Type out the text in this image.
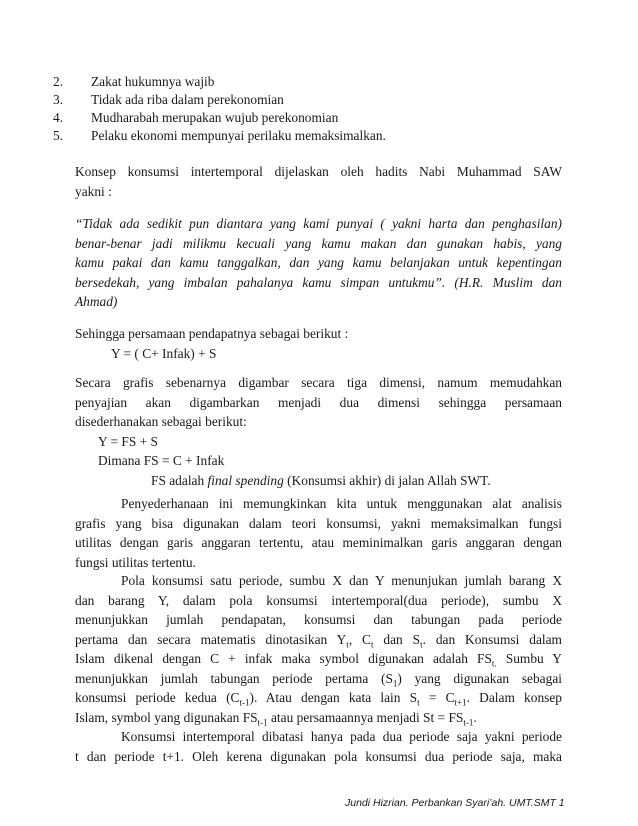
2.	Zakat hukumnya wajib
3.	Tidak ada riba dalam perekonomian
4.	Mudharabah merupakan wujub perekonomian
5.	Pelaku ekonomi mempunyai perilaku memaksimalkan.
Konsep konsumsi intertemporal dijelaskan oleh hadits Nabi Muhammad SAW
yakni :
“Tidak ada sedikit pun diantara yang kami punyai ( yakni harta dan penghasilan)
benar-benar jadi milikmu kecuali yang kamu makan dan gunakan habis, yang
kamu pakai dan kamu tanggalkan, dan yang kamu belanjakan untuk kepentingan
bersedekah, yang imbalan pahalanya kamu simpan untukmu”. (H.R. Muslim dan
Ahmad)
Sehingga persamaan pendapatnya sebagai berikut :
Y = ( C+ Infak) + S
Secara grafis sebenarnya digambar secara tiga dimensi, namum memudahkan
penyajian akan digambarkan menjadi dua dimensi sehingga persamaan
disederhanakan sebagai berikut:
Y = FS + S
Dimana FS = C + Infak
FS adalah final spending (Konsumsi akhir) di jalan Allah SWT.
Penyederhanaan ini memungkinkan kita untuk menggunakan alat analisis
grafis yang bisa digunakan dalam teori konsumsi, yakni memaksimalkan fungsi
utilitas dengan garis anggaran tertentu, atau meminimalkan garis anggaran dengan
fungsi utilitas tertentu.
Pola konsumsi satu periode, sumbu X dan Y menunjukan jumlah barang X
dan barang Y, dalam pola konsumsi intertemporal(dua periode), sumbu X
menunjukkan jumlah pendapatan, konsumsi dan tabungan pada periode
pertama dan secara matematis dinotasikan $Y_t$, $C_t$ dan $S_t$. dan Konsumsi dalam
Islam dikenal dengan C + infak maka symbol digunakan adalah $FS_{t.}$ Sumbu Y
menunjukkan jumlah tabungan periode pertama $(S_1)$ yang digunakan sebagai
konsumsi periode kedua $(C_{t-1})$. Atau dengan kata lain $S_t = C_{t+1}$. Dalam konsep
Islam, symbol yang digunakan $FS_{t-1}$ atau persamaannya menjadi $St = FS_{t-1}$.
Konsumsi intertemporal dibatasi hanya pada dua periode saja yakni periode
t dan periode t+1. Oleh kerena digunakan pola konsumsi dua periode saja, maka
Jundi Hizrian. Perbankan Syari’ah. UMT.SMT 1
